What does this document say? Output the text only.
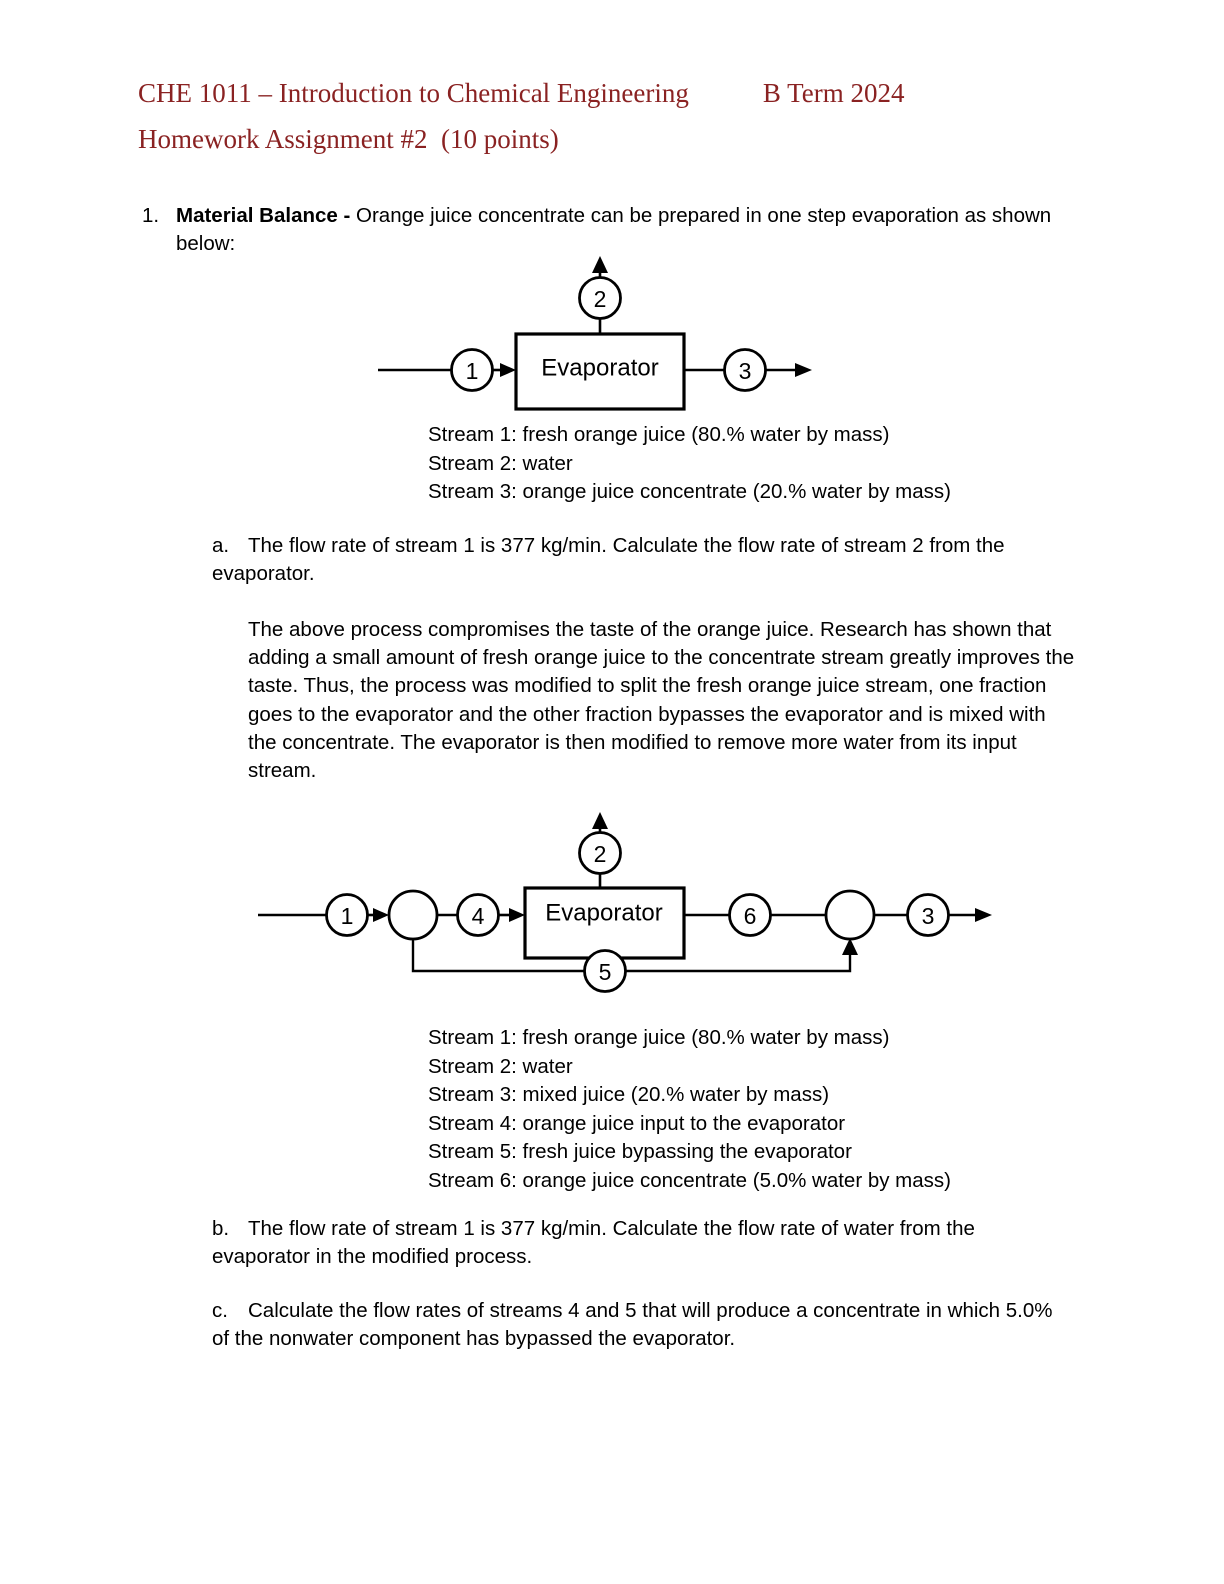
CHE 1011 – Introduction to Chemical Engineering	B Term 2024
Homework Assignment #2  (10 points)
1. Material Balance - Orange juice concentrate can be prepared in one step evaporation as shown below:
Evaporator
1
2
3
Stream 1: fresh orange juice (80.% water by mass)
Stream 2: water
Stream 3: orange juice concentrate (20.% water by mass)
a. The flow rate of stream 1 is 377 kg/min. Calculate the flow rate of stream 2 from the evaporator.
The above process compromises the taste of the orange juice. Research has shown that adding a small amount of fresh orange juice to the concentrate stream greatly improves the taste. Thus, the process was modified to split the fresh orange juice stream, one fraction goes to the evaporator and the other fraction bypasses the evaporator and is mixed with the concentrate. The evaporator is then modified to remove more water from its input stream.
Evaporator
1
2
3
4
5
6
Stream 1: fresh orange juice (80.% water by mass)
Stream 2: water
Stream 3: mixed juice (20.% water by mass)
Stream 4: orange juice input to the evaporator
Stream 5: fresh juice bypassing the evaporator
Stream 6: orange juice concentrate (5.0% water by mass)
b. The flow rate of stream 1 is 377 kg/min. Calculate the flow rate of water from the evaporator in the modified process.
c. Calculate the flow rates of streams 4 and 5 that will produce a concentrate in which 5.0% of the nonwater component has bypassed the evaporator.
